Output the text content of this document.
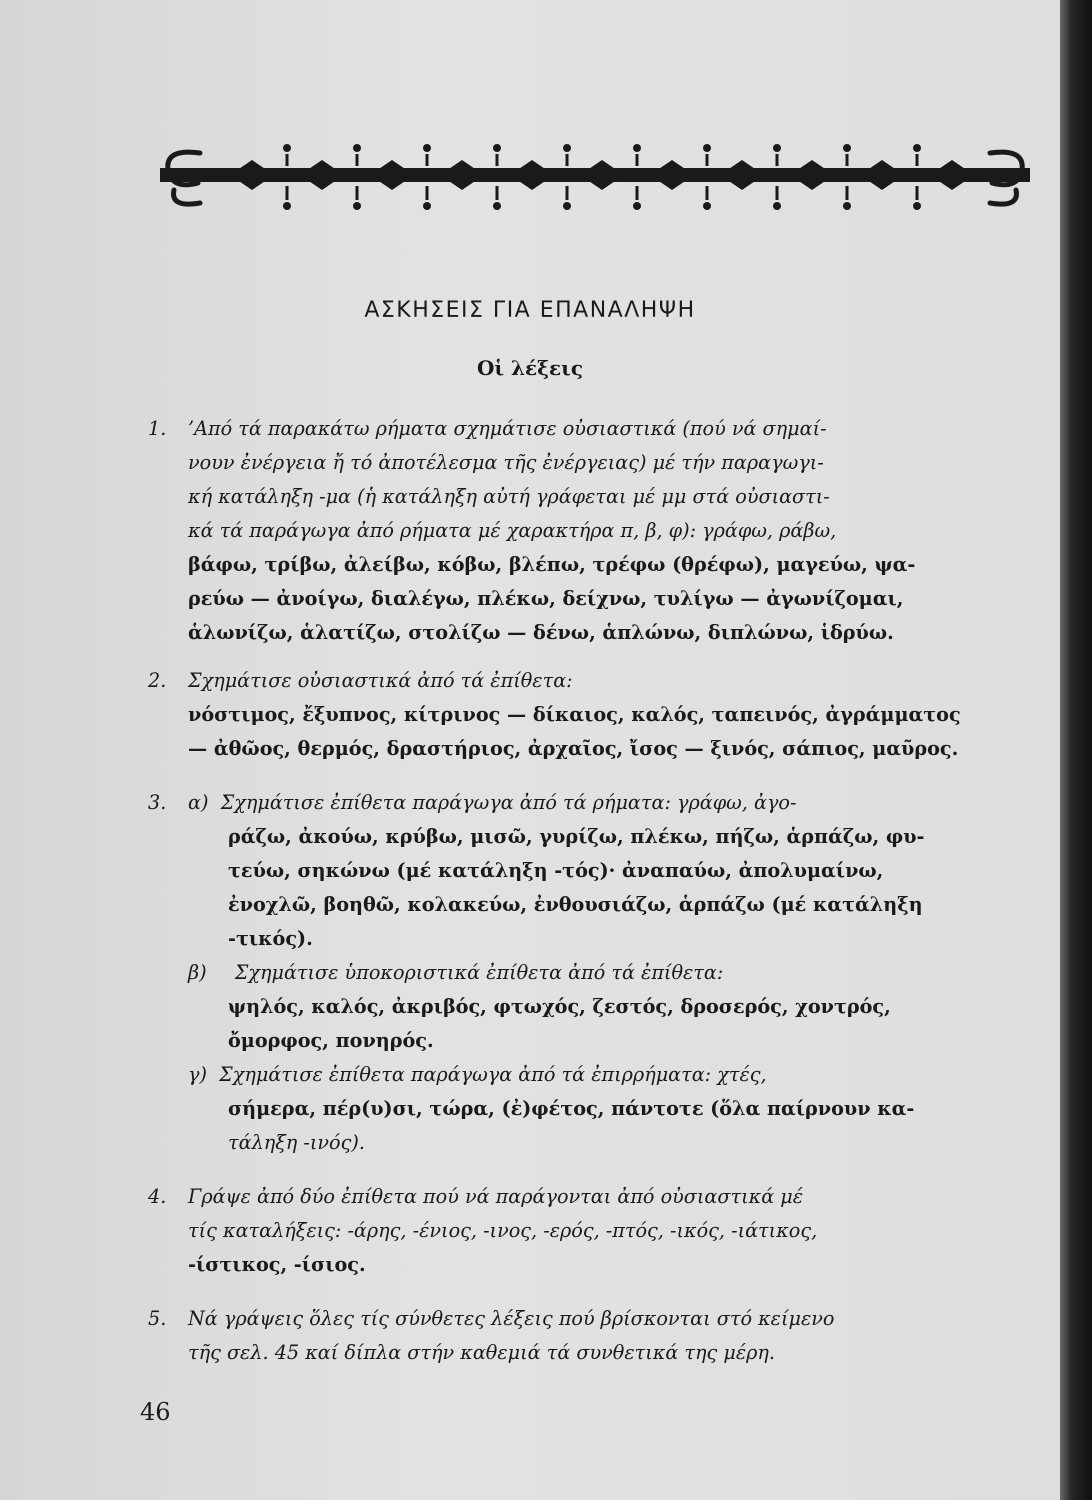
ΑΣΚΗΣΕΙΣ ΓΙΑ ΕΠΑΝΑΛΗΨΗ
Οἱ λέξεις
1. ’Από τά παρακάτω ρήματα σχημάτισε οὐσιαστικά (πού νά σημαί-
νουν ἐνέργεια ἤ τό ἀποτέλεσμα τῆς ἐνέργειας) μέ τήν παραγωγι-
κή κατάληξη -μα (ἡ κατάληξη αὐτή γράφεται μέ μμ στά οὐσιαστι-
κά τά παράγωγα ἀπό ρήματα μέ χαρακτήρα π, β, φ): γράφω, ράβω,
βάφω, τρίβω, ἀλείβω, κόβω, βλέπω, τρέφω (θρέφω), μαγεύω, ψα-
ρεύω — ἀνοίγω, διαλέγω, πλέκω, δείχνω, τυλίγω — ἀγωνίζομαι,
ἁλωνίζω, ἁλατίζω, στολίζω — δένω, ἁπλώνω, διπλώνω, ἱδρύω.
2. Σχημάτισε οὐσιαστικά ἀπό τά ἐπίθετα:
νόστιμος, ἔξυπνος, κίτρινος — δίκαιος, καλός, ταπεινός, ἀγράμματος
— ἀθῶος, θερμός, δραστήριος, ἀρχαῖος, ἴσος — ξινός, σάπιος, μαῦρος.
3. α) Σχημάτισε ἐπίθετα παράγωγα ἀπό τά ρήματα: γράφω, ἀγο-
ράζω, ἀκούω, κρύβω, μισῶ, γυρίζω, πλέκω, πήζω, ἁρπάζω, φυ-
τεύω, σηκώνω (μέ κατάληξη -τός)· ἀναπαύω, ἀπολυμαίνω,
ἐνοχλῶ, βοηθῶ, κολακεύω, ἐνθουσιάζω, ἁρπάζω (μέ κατάληξη
-τικός).
β)
Σχημάτισε ὑποκοριστικά ἐπίθετα ἀπό τά ἐπίθετα:
ψηλός, καλός, ἀκριβός, φτωχός, ζεστός, δροσερός, χοντρός,
ὄμορφος, πονηρός.
γ) Σχημάτισε ἐπίθετα παράγωγα ἀπό τά ἐπιρρήματα: χτές,
σήμερα, πέρ(υ)σι, τώρα, (ἐ)φέτος, πάντοτε (ὅλα παίρνουν κα-
τάληξη -ινός).
4. Γράψε ἀπό δύο ἐπίθετα πού νά παράγονται ἀπό οὐσιαστικά μέ
τίς καταλήξεις: -άρης, -ένιος, -ινος, -ερός, -πτός, -ικός, -ιάτικος,
-ίστικος, -ίσιος.
5. Νά γράψεις ὅλες τίς σύνθετες λέξεις πού βρίσκονται στό κείμενο
τῆς σελ. 45 καί δίπλα στήν καθεμιά τά συνθετικά της μέρη.
46
